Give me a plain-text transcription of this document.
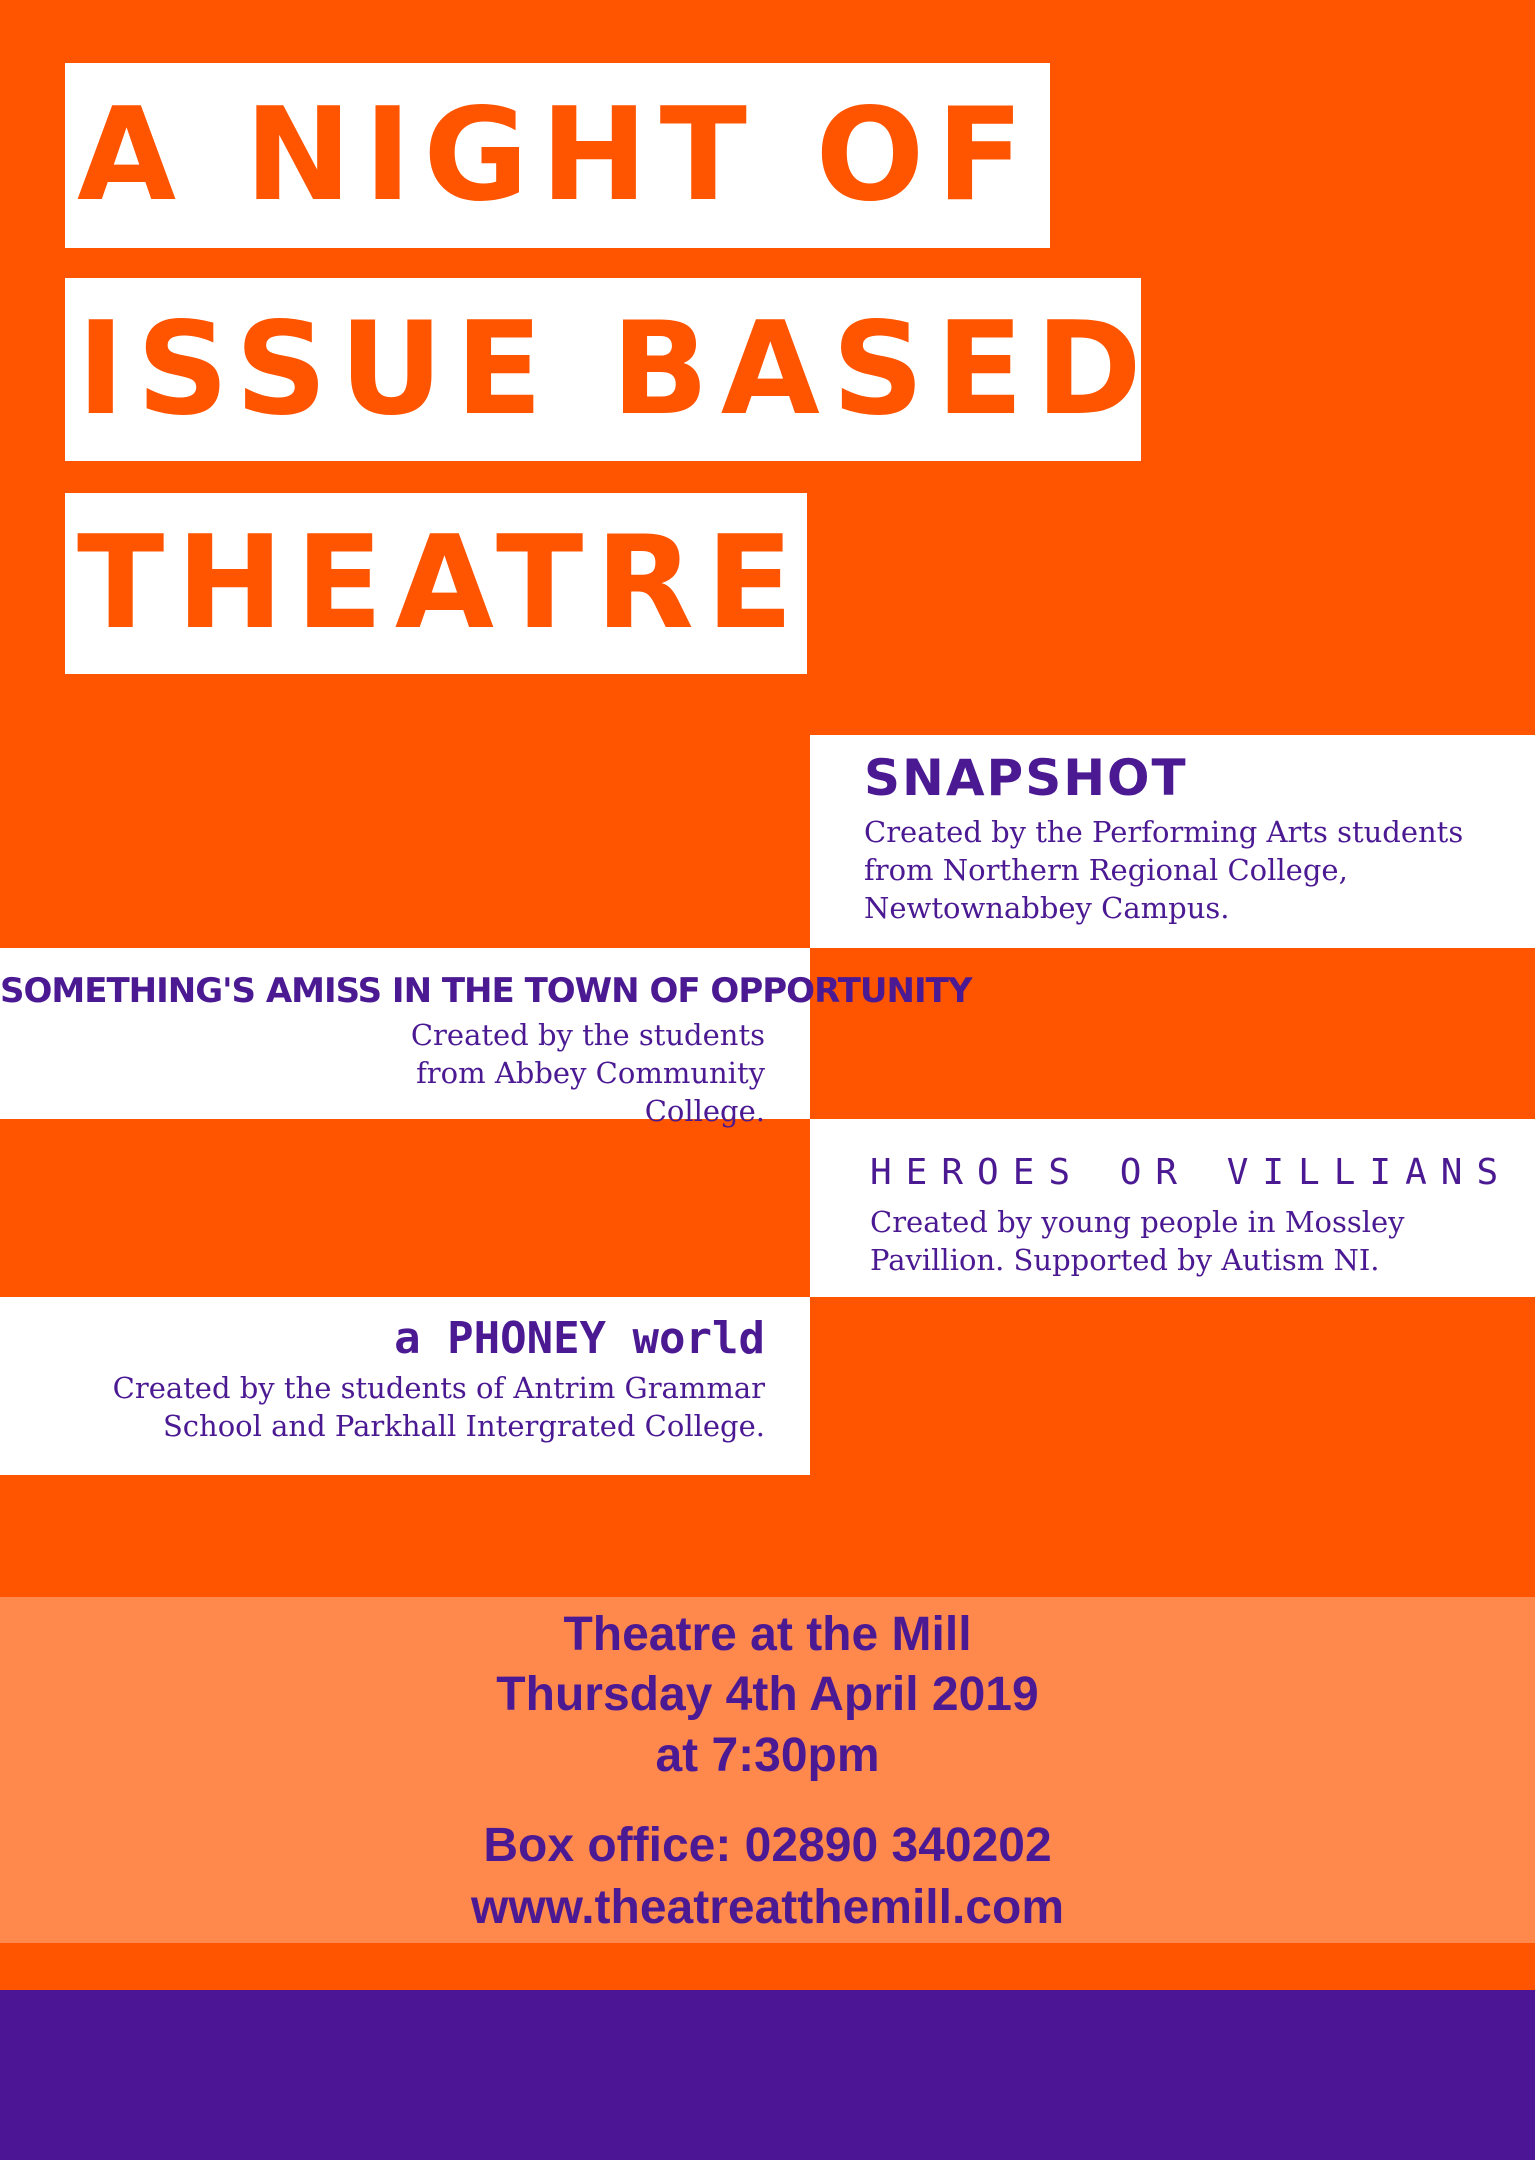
A NIGHT OF
ISSUE BASED
THEATRE
SNAPSHOT
Created by the Performing Arts students from Northern Regional College, Newtownabbey Campus.
SOMETHING'S AMISS IN THE TOWN OF OPPORTUNITY
Created by the students from Abbey Community College.
HEROES OR VILLIANS
Created by young people in Mossley Pavillion. Supported by Autism NI.
a PHONEY world
Created by the students of Antrim Grammar School and Parkhall Intergrated College.
Theatre at the Mill
Thursday 4th April 2019
at 7:30pm
Box office: 02890 340202
www.theatreatthemill.com
